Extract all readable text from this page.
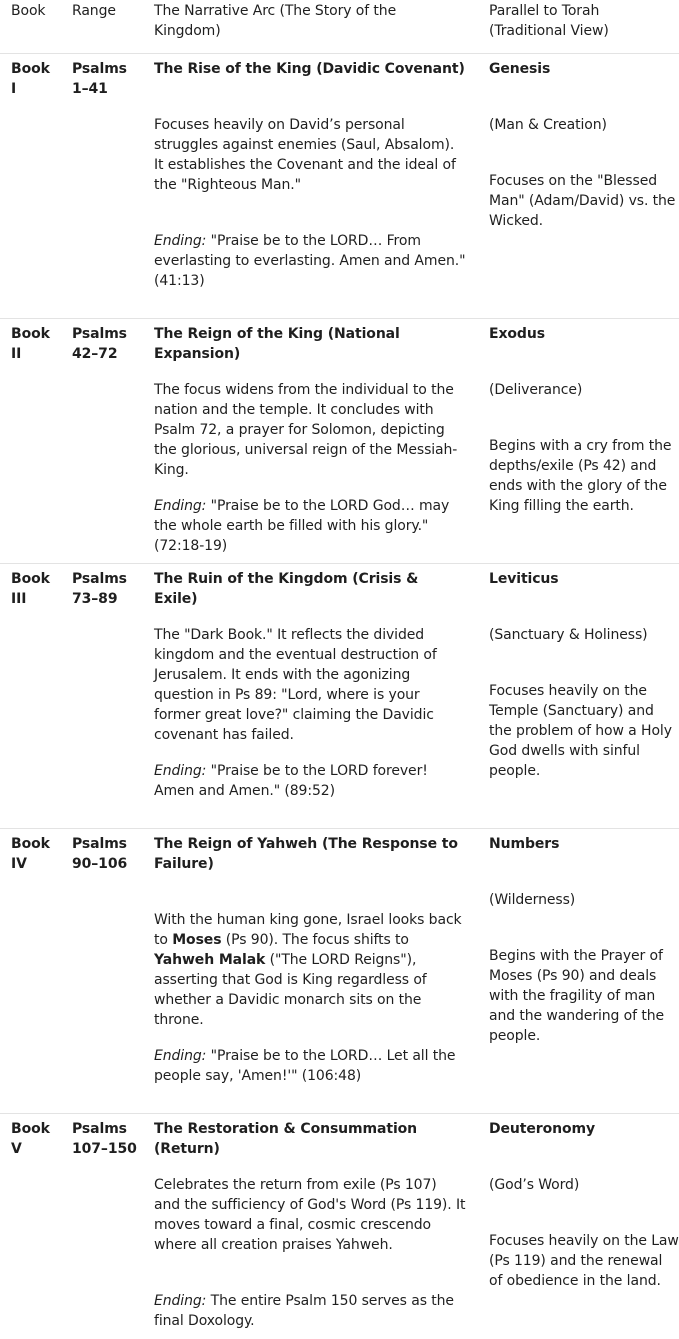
Book	Range	The Narrative Arc (The Story of the Kingdom)
Parallel to Torah (Traditional View)
Book
I
Psalms
1–41
The Rise of the King (Davidic Covenant)
Focuses heavily on David’s personal struggles against enemies (Saul, Absalom). It establishes the Covenant and the ideal of the "Righteous Man."
Ending: "Praise be to the LORD… From everlasting to everlasting. Amen and Amen." (41:13)
Genesis
(Man & Creation)
Focuses on the "Blessed Man" (Adam/David) vs. the Wicked.
Book
II
Psalms
42–72
The Reign of the King (National Expansion)
The focus widens from the individual to the nation and the temple. It concludes with Psalm 72, a prayer for Solomon, depicting the glorious, universal reign of the Messiah-King.
Ending: "Praise be to the LORD God… may the whole earth be filled with his glory." (72:18-19)
Exodus
(Deliverance)
Begins with a cry from the depths/exile (Ps 42) and ends with the glory of the King filling the earth.
Book
III
Psalms
73–89
The Ruin of the Kingdom (Crisis & Exile)
The "Dark Book." It reflects the divided kingdom and the eventual destruction of Jerusalem. It ends with the agonizing question in Ps 89: "Lord, where is your former great love?" claiming the Davidic covenant has failed.
Ending: "Praise be to the LORD forever! Amen and Amen." (89:52)
Leviticus
(Sanctuary & Holiness)
Focuses heavily on the Temple (Sanctuary) and the problem of how a Holy God dwells with sinful people.
Book
IV
Psalms
90–106
The Reign of Yahweh (The Response to Failure)
With the human king gone, Israel looks back to Moses (Ps 90). The focus shifts to Yahweh Malak ("The LORD Reigns"), asserting that God is King regardless of whether a Davidic monarch sits on the throne.
Ending: "Praise be to the LORD… Let all the people say, 'Amen!'" (106:48)
Numbers
(Wilderness)
Begins with the Prayer of Moses (Ps 90) and deals with the fragility of man and the wandering of the people.
Book
V
Psalms
107–150
The Restoration & Consummation (Return)
Celebrates the return from exile (Ps 107) and the sufficiency of God's Word (Ps 119). It moves toward a final, cosmic crescendo where all creation praises Yahweh.
Ending: The entire Psalm 150 serves as the final Doxology.
Deuteronomy
(God’s Word)
Focuses heavily on the Law (Ps 119) and the renewal of obedience in the land.
